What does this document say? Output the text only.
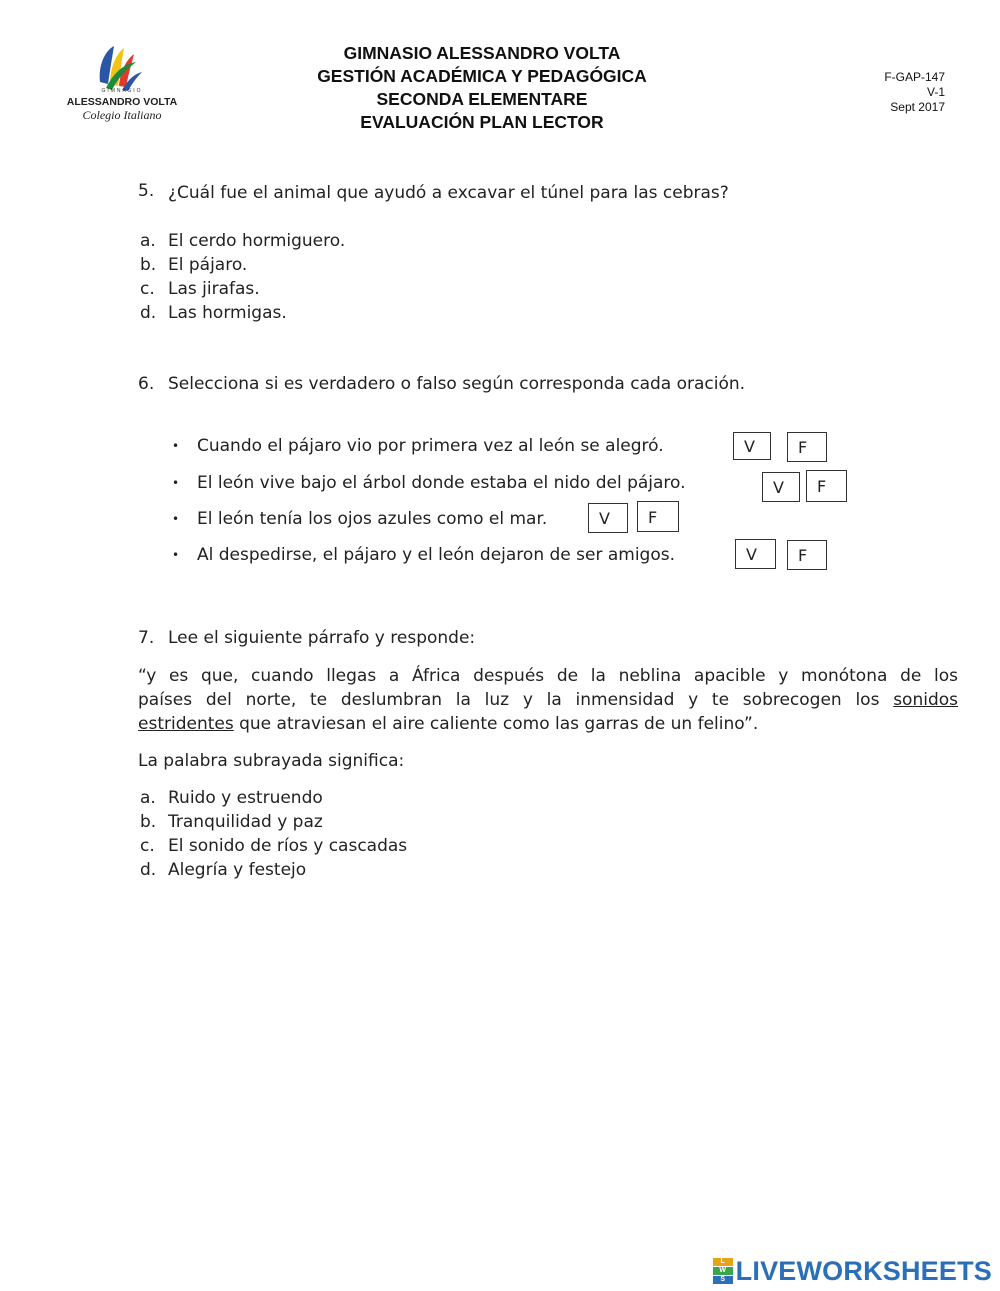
GIMNASIO
ALESSANDRO VOLTA
Colegio Italiano
GIMNASIO ALESSANDRO VOLTA
GESTIÓN ACADÉMICA Y PEDAGÓGICA
SECONDA ELEMENTARE
EVALUACIÓN PLAN LECTOR
F-GAP-147
V-1
Sept 2017
5. ¿Cuál fue el animal que ayudó a excavar el túnel para las cebras?
a. El cerdo hormiguero.
b. El pájaro.
c. Las jirafas.
d. Las hormigas.
6. Selecciona si es verdadero o falso según corresponda cada oración.
• Cuando el pájaro vio por primera vez al león se alegró.	V	F
• El león vive bajo el árbol donde estaba el nido del pájaro.	V	F
• El león tenía los ojos azules como el mar.	V	F
• Al despedirse, el pájaro y el león dejaron de ser amigos.	V	F
7. Lee el siguiente párrafo y responde:
“y es que, cuando llegas a África después de la neblina apacible y monótona de los
países del norte, te deslumbran la luz y la inmensidad y te sobrecogen los sonidos
estridentes que atraviesan el aire caliente como las garras de un felino”.
La palabra subrayada significa:
a. Ruido y estruendo
b. Tranquilidad y paz
c. El sonido de ríos y cascadas
d. Alegría y festejo
L
W
S LIVEWORKSHEETS
